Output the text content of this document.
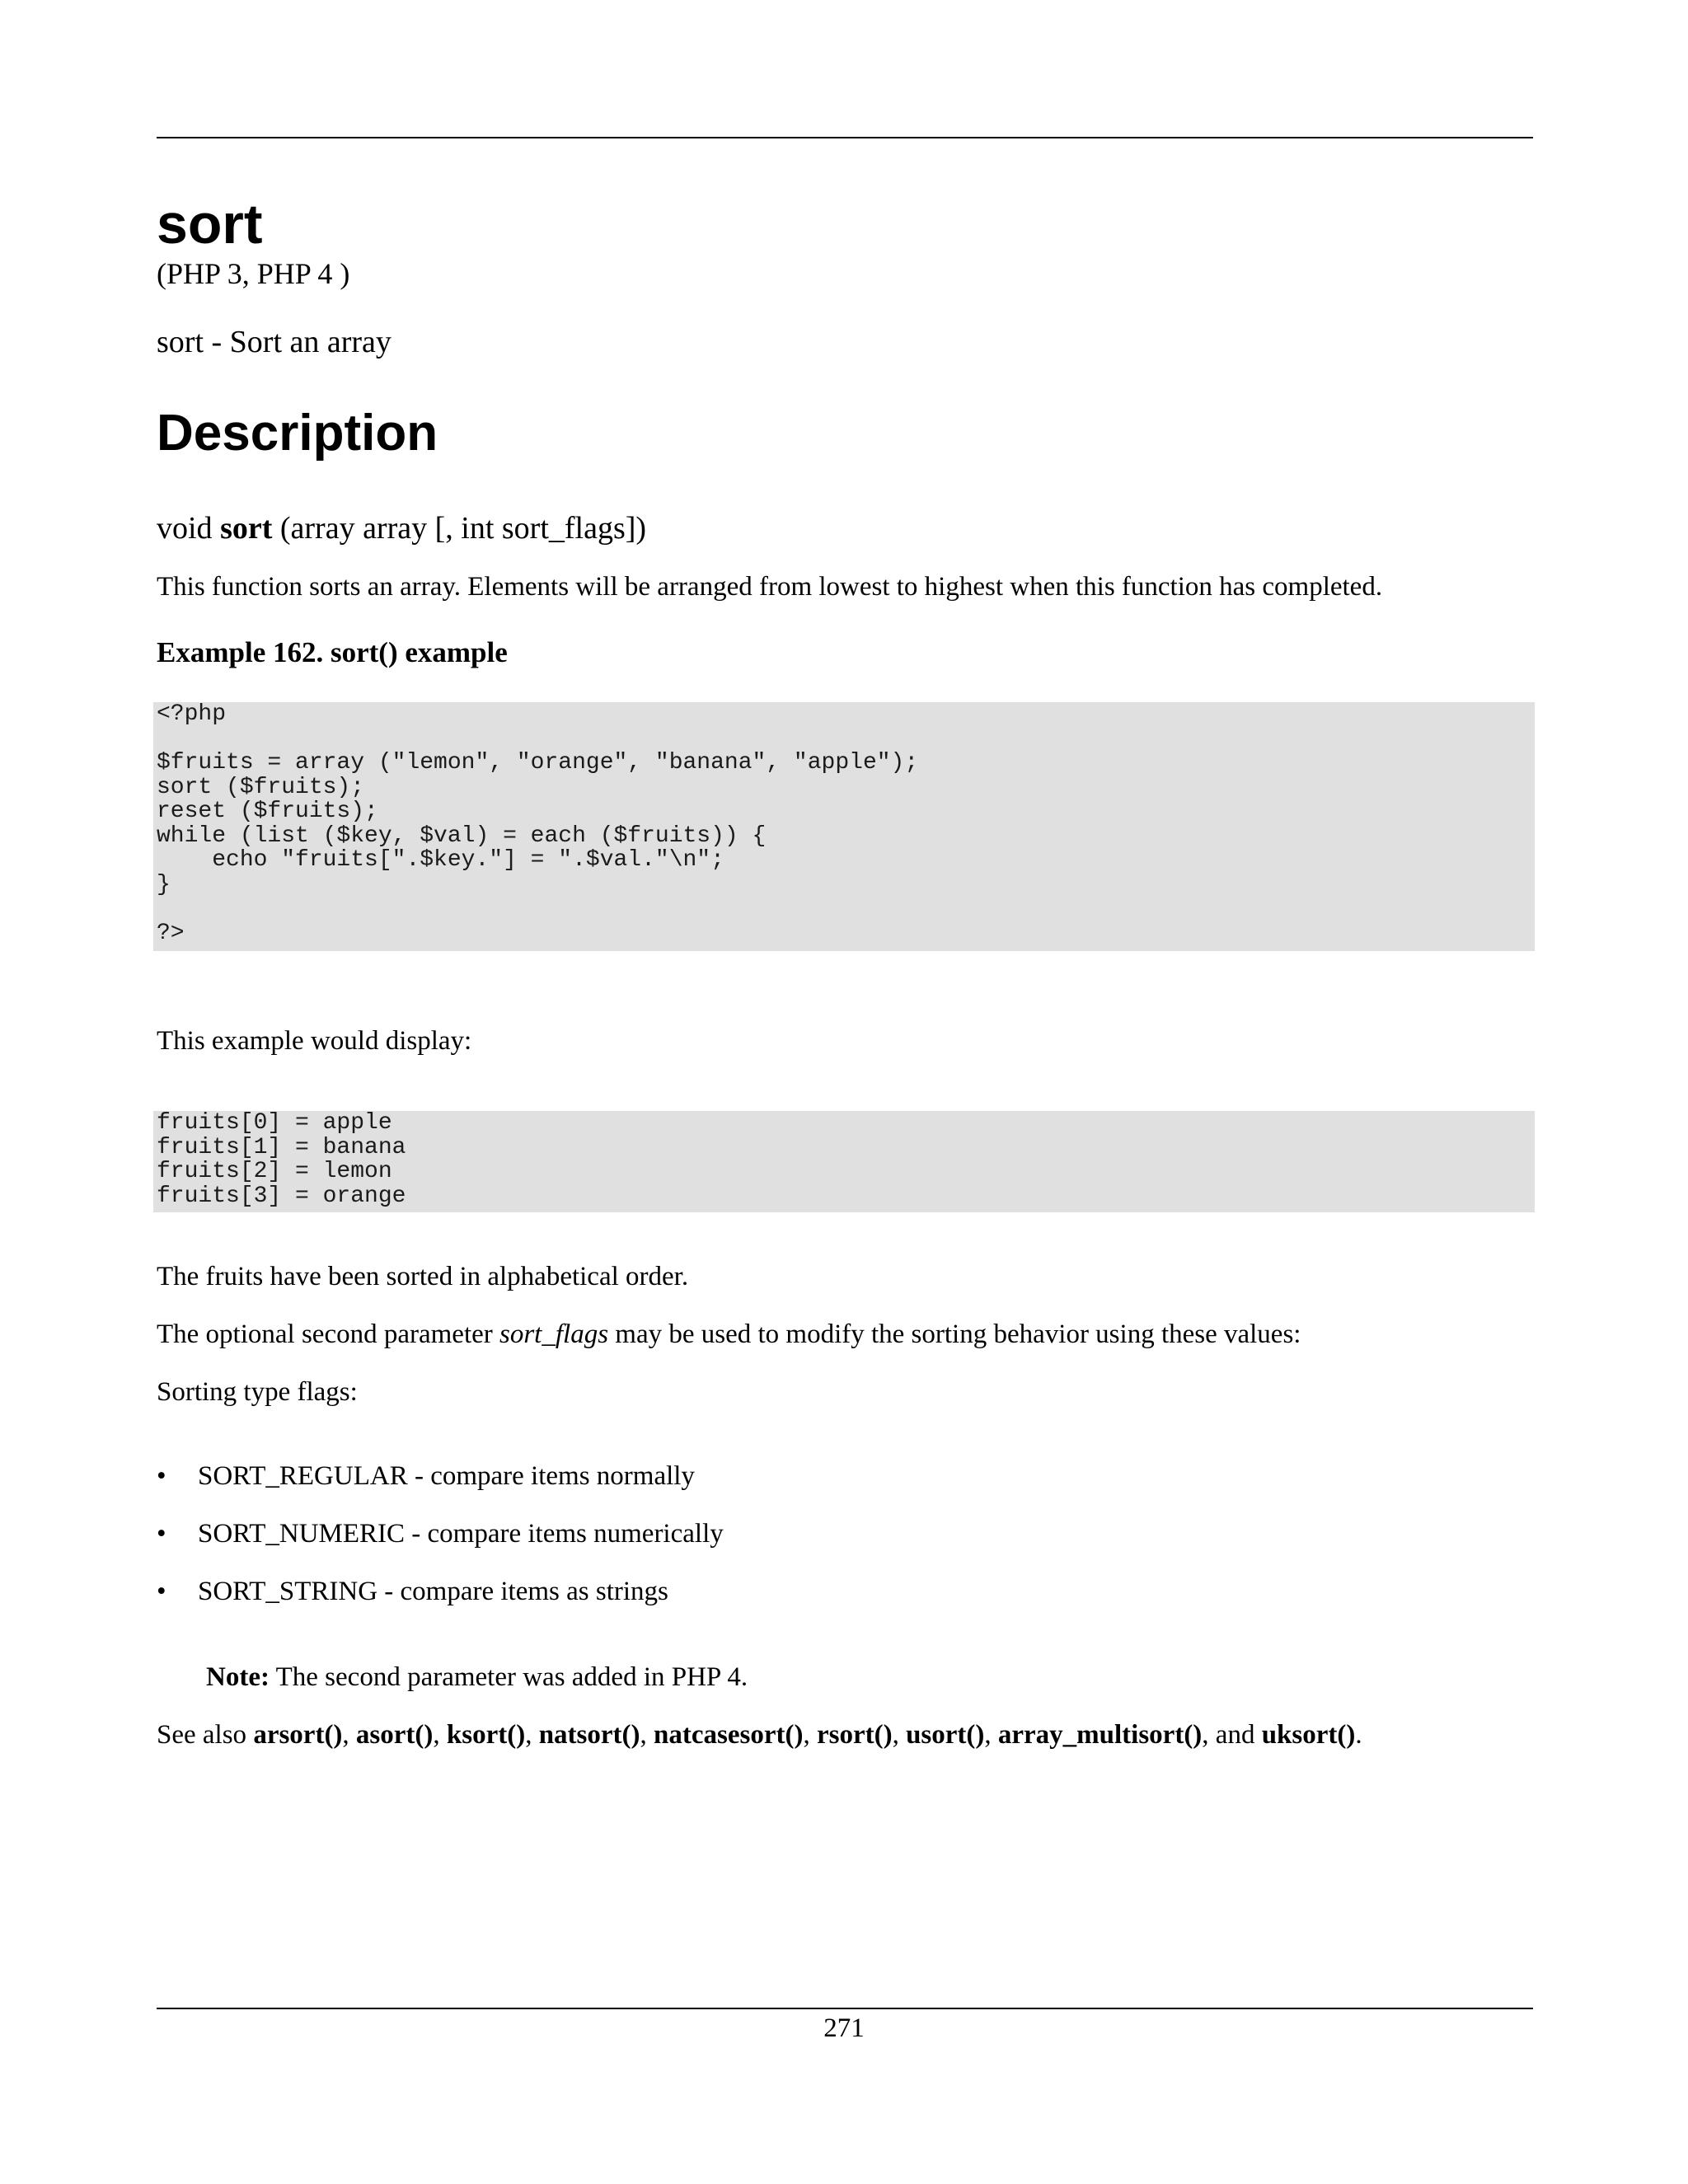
sort

(PHP 3, PHP 4 )

sort - Sort an array

Description

void sort (array array [, int sort_flags])

This function sorts an array. Elements will be arranged from lowest to highest when this function has completed.

Example 162. sort() example

<?php

$fruits = array ("lemon", "orange", "banana", "apple");
sort ($fruits);
reset ($fruits);
while (list ($key, $val) = each ($fruits)) {
echo "fruits[".$key."] = ".$val."\n";
}

?>

This example would display:

fruits[0] = apple
fruits[1] = banana
fruits[2] = lemon
fruits[3] = orange

The fruits have been sorted in alphabetical order.

The optional second parameter sort_flags may be used to modify the sorting behavior using these values:

Sorting type flags:

• SORT_REGULAR - compare items normally
• SORT_NUMERIC - compare items numerically
• SORT_STRING - compare items as strings

Note: The second parameter was added in PHP 4.

See also arsort(), asort(), ksort(), natsort(), natcasesort(), rsort(), usort(), array_multisort(), and uksort().

271
